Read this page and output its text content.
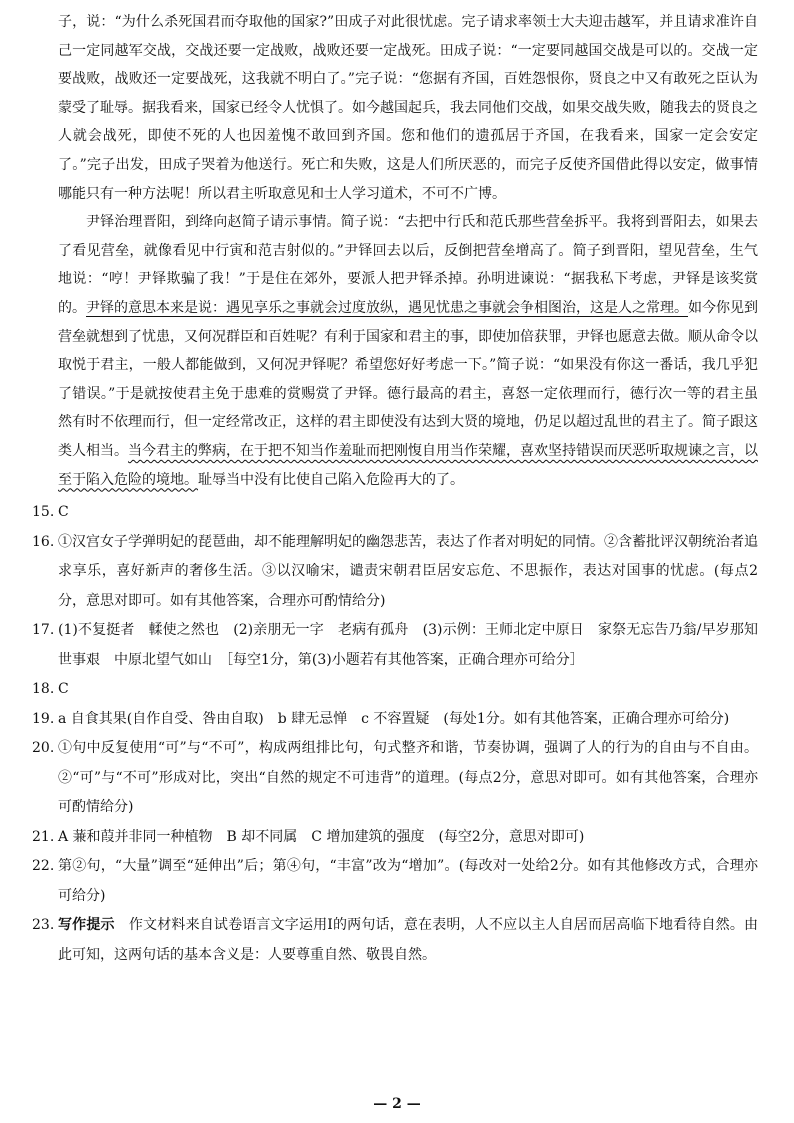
子，说：“为什么杀死国君而夺取他的国家?”田成子对此很忧虑。完子请求率领士大夫迎击越军，并且请求准许自己一定同越军交战，交战还要一定战败，战败还要一定战死。田成子说：“一定要同越国交战是可以的。交战一定要战败，战败还一定要战死，这我就不明白了。”完子说：“您据有齐国，百姓怨恨你，贤良之中又有敢死之臣认为蒙受了耻辱。据我看来，国家已经令人忧惧了。如今越国起兵，我去同他们交战，如果交战失败，随我去的贤良之人就会战死，即使不死的人也因羞愧不敢回到齐国。您和他们的遗孤居于齐国，在我看来，国家一定会安定了。”完子出发，田成子哭着为他送行。死亡和失败，这是人们所厌恶的，而完子反使齐国借此得以安定，做事情哪能只有一种方法呢！所以君主听取意见和士人学习道术，不可不广博。

尹铎治理晋阳，到绛向赵简子请示事情。简子说：“去把中行氏和范氏那些营垒拆平。我将到晋阳去，如果去了看见营垒，就像看见中行寅和范吉射似的。”尹铎回去以后，反倒把营垒增高了。简子到晋阳，望见营垒，生气地说：“哼！尹铎欺骗了我！”于是住在郊外，要派人把尹铎杀掉。孙明进谏说：“据我私下考虑，尹铎是该奖赏的。尹铎的意思本来是说：遇见享乐之事就会过度放纵，遇见忧患之事就会争相图治，这是人之常理。如今你见到营垒就想到了忧患，又何况群臣和百姓呢？有利于国家和君主的事，即使加倍获罪，尹铎也愿意去做。顺从命令以取悦于君主，一般人都能做到，又何况尹铎呢？希望您好好考虑一下。”简子说：“如果没有你这一番话，我几乎犯了错误。”于是就按使君主免于患难的赏赐赏了尹铎。德行最高的君主，喜怒一定依理而行，德行次一等的君主虽然有时不依理而行，但一定经常改正，这样的君主即使没有达到大贤的境地，仍足以超过乱世的君主了。简子跟这类人相当。当今君主的弊病，在于把不知当作羞耻而把刚愎自用当作荣耀，喜欢坚持错误而厌恶听取规谏之言，以至于陷入危险的境地。耻辱当中没有比使自己陷入危险再大的了。

15. C
16. ①汉宫女子学弹明妃的琵琶曲，却不能理解明妃的幽怨悲苦，表达了作者对明妃的同情。②含蓄批评汉朝统治者追求享乐，喜好新声的奢侈生活。③以汉喻宋，谴责宋朝君臣居安忘危、不思振作，表达对国事的忧虑。(每点2分，意思对即可。如有其他答案，合理亦可酌情给分)
17. (1)不复挺者　輮使之然也　(2)亲朋无一字　老病有孤舟　(3)示例：王师北定中原日　家祭无忘告乃翁/早岁那知世事艰　中原北望气如山　［每空1分，第(3)小题若有其他答案，正确合理亦可给分］
18. C
19. a 自食其果(自作自受、咎由自取)　b 肆无忌惮　c 不容置疑　(每处1分。如有其他答案，正确合理亦可给分)
20. ①句中反复使用“可”与“不可”，构成两组排比句，句式整齐和谐，节奏协调，强调了人的行为的自由与不自由。②“可”与“不可”形成对比，突出“自然的规定不可违背”的道理。(每点2分，意思对即可。如有其他答案，合理亦可酌情给分)
21. A 蒹和葭并非同一种植物　B 却不同属　C 增加建筑的强度　(每空2分，意思对即可)
22. 第②句，“大量”调至“延伸出”后；第④句，“丰富”改为“增加”。(每改对一处给2分。如有其他修改方式，合理亦可给分)
23. 写作提示　作文材料来自试卷语言文字运用Ⅰ的两句话，意在表明，人不应以主人自居而居高临下地看待自然。由此可知，这两句话的基本含义是：人要尊重自然、敬畏自然。
— 2 —
